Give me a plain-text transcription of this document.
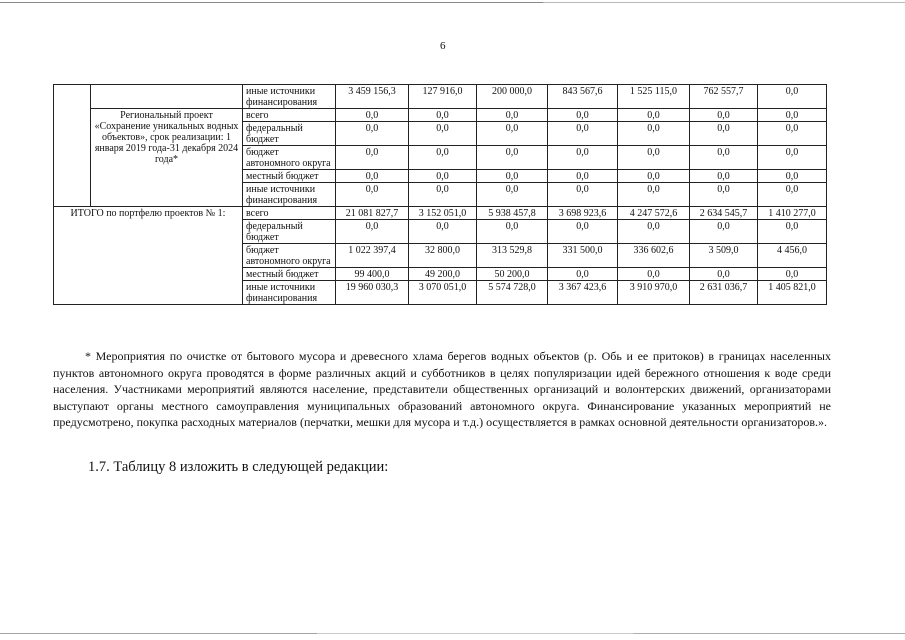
6
		иные источники финансирования	3 459 156,3	127 916,0	200 000,0	843 567,6	1 525 115,0	762 557,7	0,0
	Региональный проект «Сохранение уникальных водных объектов», срок реализации: 1 января 2019 года-31 декабря 2024 года*	всего	0,0	0,0	0,0	0,0	0,0	0,0	0,0
		федеральный бюджет	0,0	0,0	0,0	0,0	0,0	0,0	0,0
		бюджет автономного округа	0,0	0,0	0,0	0,0	0,0	0,0	0,0
		местный бюджет	0,0	0,0	0,0	0,0	0,0	0,0	0,0
		иные источники финансирования	0,0	0,0	0,0	0,0	0,0	0,0	0,0
ИТОГО по портфелю проектов № 1:		всего	21 081 827,7	3 152 051,0	5 938 457,8	3 698 923,6	4 247 572,6	2 634 545,7	1 410 277,0
		федеральный бюджет	0,0	0,0	0,0	0,0	0,0	0,0	0,0
		бюджет автономного округа	1 022 397,4	32 800,0	313 529,8	331 500,0	336 602,6	3 509,0	4 456,0
		местный бюджет	99 400,0	49 200,0	50 200,0	0,0	0,0	0,0	0,0
		иные источники финансирования	19 960 030,3	3 070 051,0	5 574 728,0	3 367 423,6	3 910 970,0	2 631 036,7	1 405 821,0

* Мероприятия по очистке от бытового мусора и древесного хлама берегов водных объектов (р. Обь и ее притоков) в границах населенных пунктов автономного округа проводятся в форме различных акций и субботников в целях популяризации идей бережного отношения к воде среди населения. Участниками мероприятий являются население, представители общественных организаций и волонтерских движений, организаторами выступают органы местного самоуправления муниципальных образований автономного округа. Финансирование указанных мероприятий не предусмотрено, покупка расходных материалов (перчатки, мешки для мусора и т.д.) осуществляется в рамках основной деятельности организаторов.».

1.7. Таблицу 8 изложить в следующей редакции:
